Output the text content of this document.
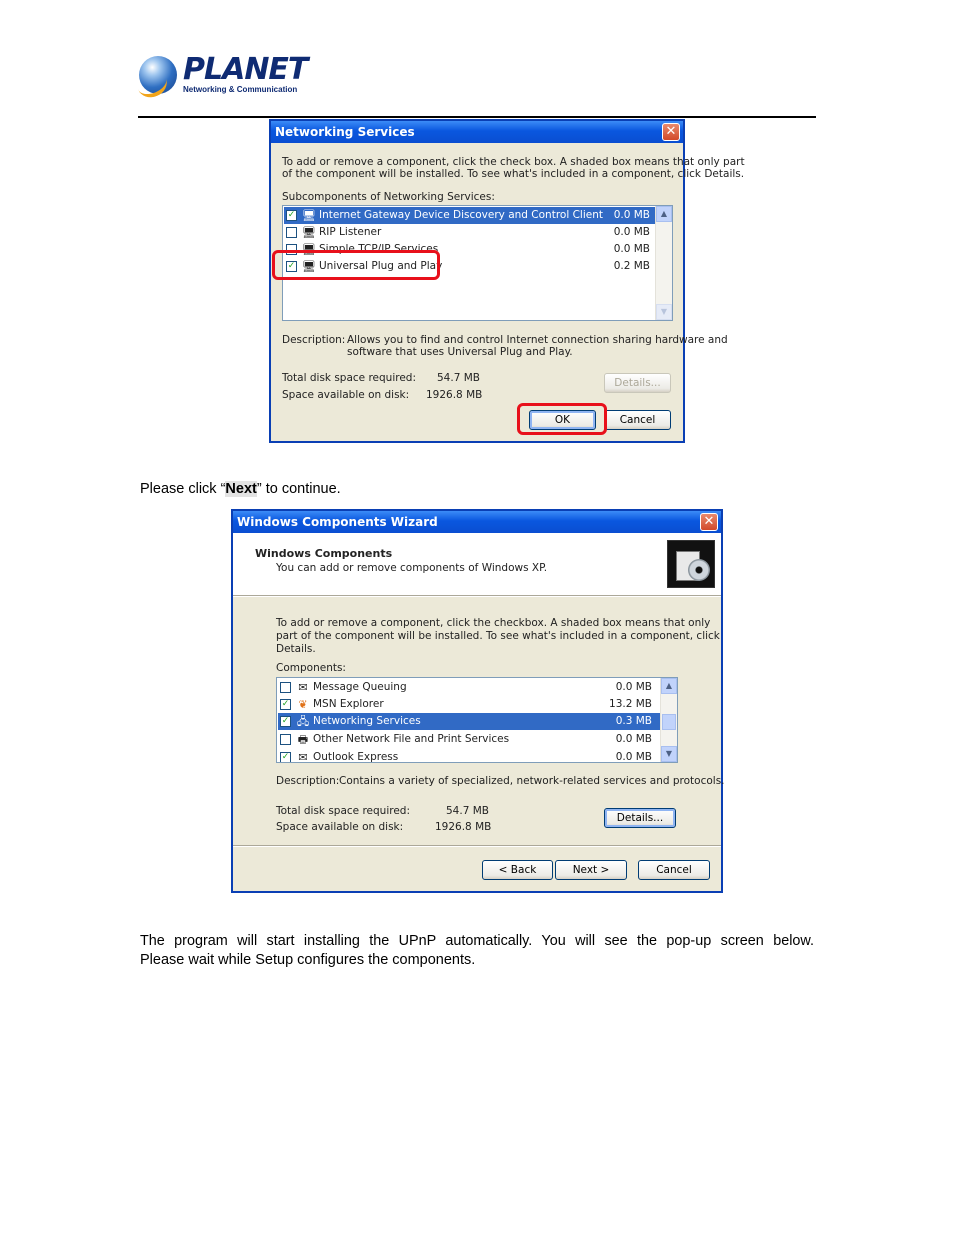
PLANET
Networking & Communication
Networking Services	✕
To add or remove a component, click the check box. A shaded box means that only part
of the component will be installed. To see what's included in a component, click Details.
Subcomponents of Networking Services:
✓ 🖥 Internet Gateway Device Discovery and Control Client	0.0 MB
🖥 RIP Listener	0.0 MB
🖥 Simple TCP/IP Services	0.0 MB
✓ 🖥 Universal Plug and Play	0.2 MB
▲
▼
Description: Allows you to find and control Internet connection sharing hardware and
software that uses Universal Plug and Play.
Total disk space required: 54.7 MB
Space available on disk: 1926.8 MB
Details...
OK	Cancel
Please click “Next” to continue.
Windows Components Wizard	✕
Windows Components
You can add or remove components of Windows XP.
To add or remove a component, click the checkbox. A shaded box means that only
part of the component will be installed. To see what's included in a component, click
Details.
Components:
✉ Message Queuing	0.0 MB
✓ ❦ MSN Explorer	13.2 MB
✓ 🖧 Networking Services	0.3 MB
🖶 Other Network File and Print Services	0.0 MB
✓ ✉ Outlook Express	0.0 MB
▲
▼
Description: Contains a variety of specialized, network-related services and protocols.
Total disk space required:	54.7 MB
Space available on disk:	1926.8 MB
Details...
< Back	Next >	Cancel
The program will start installing the UPnP automatically. You will see the pop-up screen below.
Please wait while Setup configures the components.
